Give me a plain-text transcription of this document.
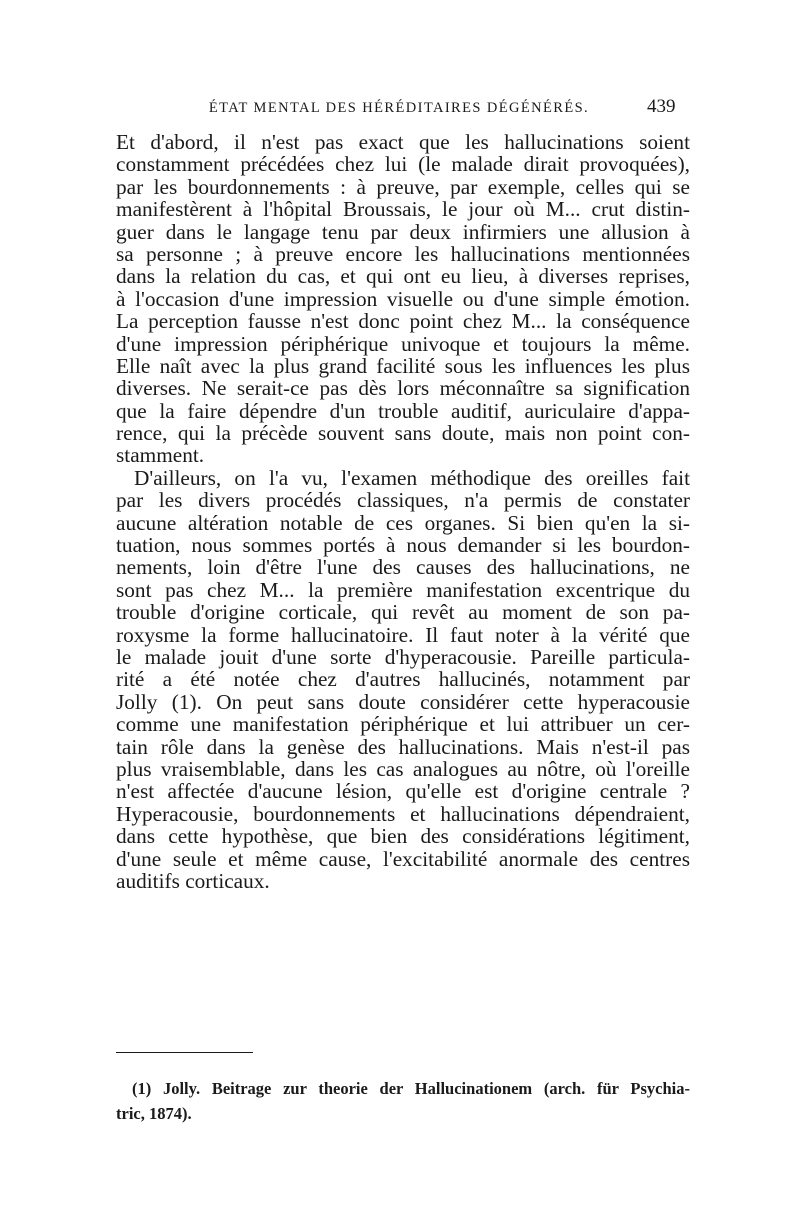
ÉTAT MENTAL DES HÉRÉDITAIRES DÉGÉNÉRÉS.	439
Et d'abord, il n'est pas exact que les hallucinations soient
constamment précédées chez lui (le malade dirait provoquées),
par les bourdonnements : à preuve, par exemple, celles qui se
manifestèrent à l'hôpital Broussais, le jour où M... crut distin-
guer dans le langage tenu par deux infirmiers une allusion à
sa personne ; à preuve encore les hallucinations mentionnées
dans la relation du cas, et qui ont eu lieu, à diverses reprises,
à l'occasion d'une impression visuelle ou d'une simple émotion.
La perception fausse n'est donc point chez M... la conséquence
d'une impression périphérique univoque et toujours la même.
Elle naît avec la plus grand facilité sous les influences les plus
diverses. Ne serait-ce pas dès lors méconnaître sa signification
que la faire dépendre d'un trouble auditif, auriculaire d'appa-
rence, qui la précède souvent sans doute, mais non point con-
stamment.
D'ailleurs, on l'a vu, l'examen méthodique des oreilles fait
par les divers procédés classiques, n'a permis de constater
aucune altération notable de ces organes. Si bien qu'en la si-
tuation, nous sommes portés à nous demander si les bourdon-
nements, loin d'être l'une des causes des hallucinations, ne
sont pas chez M... la première manifestation excentrique du
trouble d'origine corticale, qui revêt au moment de son pa-
roxysme la forme hallucinatoire. Il faut noter à la vérité que
le malade jouit d'une sorte d'hyperacousie. Pareille particula-
rité a été notée chez d'autres hallucinés, notamment par
Jolly (1). On peut sans doute considérer cette hyperacousie
comme une manifestation périphérique et lui attribuer un cer-
tain rôle dans la genèse des hallucinations. Mais n'est-il pas
plus vraisemblable, dans les cas analogues au nôtre, où l'oreille
n'est affectée d'aucune lésion, qu'elle est d'origine centrale ?
Hyperacousie, bourdonnements et hallucinations dépendraient,
dans cette hypothèse, que bien des considérations légitiment,
d'une seule et même cause, l'excitabilité anormale des centres
auditifs corticaux.
(1) Jolly. Beitrage zur theorie der Hallucinationem (arch. für Psychia-
tric, 1874).
